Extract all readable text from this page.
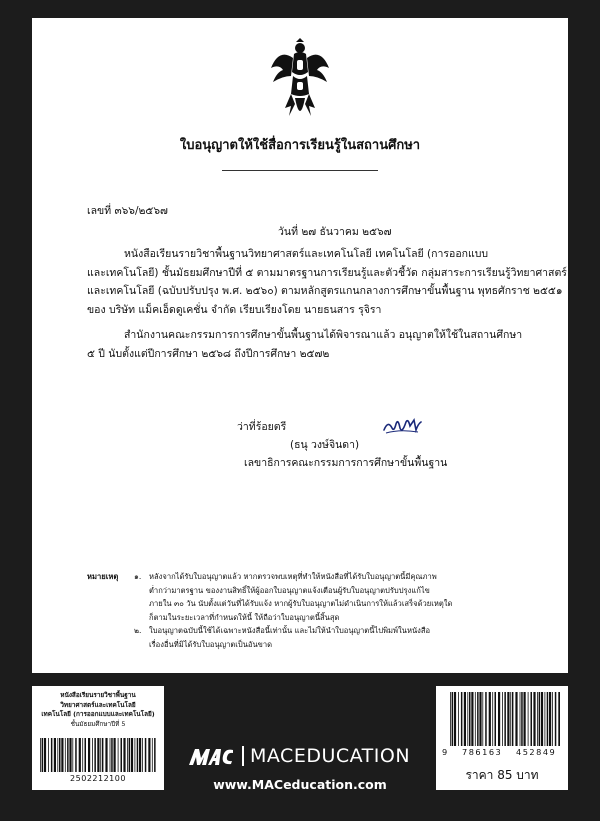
ใบอนุญาตให้ใช้สื่อการเรียนรู้ในสถานศึกษา
เลขที่ ๓๖๖/๒๕๖๗
วันที่ ๒๗ ธันวาคม ๒๕๖๗
หนังสือเรียนรายวิชาพื้นฐานวิทยาศาสตร์และเทคโนโลยี เทคโนโลยี (การออกแบบ
และเทคโนโลยี) ชั้นมัธยมศึกษาปีที่ ๕ ตามมาตรฐานการเรียนรู้และตัวชี้วัด กลุ่มสาระการเรียนรู้วิทยาศาสตร์
และเทคโนโลยี (ฉบับปรับปรุง พ.ศ. ๒๕๖๐) ตามหลักสูตรแกนกลางการศึกษาขั้นพื้นฐาน พุทธศักราช ๒๕๕๑
ของ บริษัท แม็คเอ็ดดูเคชั่น จำกัด เรียบเรียงโดย นายธนสาร รุจิรา
สำนักงานคณะกรรมการการศึกษาขั้นพื้นฐานได้พิจารณาแล้ว อนุญาตให้ใช้ในสถานศึกษา
๕ ปี นับตั้งแต่ปีการศึกษา ๒๕๖๘ ถึงปีการศึกษา ๒๕๗๒
ว่าที่ร้อยตรี
(ธนุ วงษ์จินดา)
เลขาธิการคณะกรรมการการศึกษาขั้นพื้นฐาน
หมายเหตุ ๑. หลังจากได้รับใบอนุญาตแล้ว หากตรวจพบเหตุที่ทำให้หนังสือที่ได้รับใบอนุญาตนี้มีคุณภาพ
ต่ำกว่ามาตรฐาน ของงานสิทธิ์ให้ผู้ออกใบอนุญาตแจ้งเตือนผู้รับใบอนุญาตปรับปรุงแก้ไข
ภายใน ๓๐ วัน นับตั้งแต่วันที่ได้รับแจ้ง หากผู้รับใบอนุญาตไม่ดำเนินการให้แล้วเสร็จด้วยเหตุใด
ก็ตามในระยะเวลาที่กำหนดให้นี้ ให้ถือว่าใบอนุญาตนี้สิ้นสุด
๒. ใบอนุญาตฉบับนี้ใช้ได้เฉพาะหนังสือนี้เท่านั้น และไม่ให้นำใบอนุญาตนี้ไปพิมพ์ในหนังสือ
เรื่องอื่นที่มิได้รับใบอนุญาตเป็นอันขาด
หนังสือเรียนรายวิชาพื้นฐาน
วิทยาศาสตร์และเทคโนโลยี
เทคโนโลยี (การออกแบบและเทคโนโลยี)
ชั้นมัธยมศึกษาปีที่ 5
2502212100
MACEDUCATION
www.MACeducation.com
9 786163 452849
ราคา 85 บาท
